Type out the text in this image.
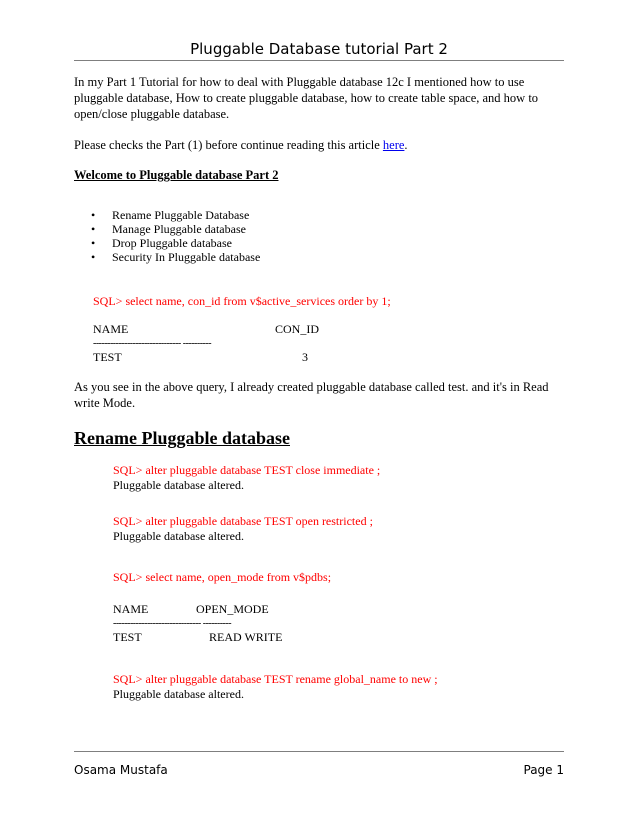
Pluggable Database tutorial Part 2

In my Part 1 Tutorial for how to deal with Pluggable database 12c I mentioned how to use pluggable database, How to create pluggable database, how to create table space, and how to open/close pluggable database.

Please checks the Part (1) before continue reading this article here.

Welcome to Pluggable database Part 2
• Rename Pluggable Database
• Manage Pluggable database
• Drop Pluggable database
• Security In Pluggable database
SQL> select name, con_id from v$active_services order by 1;
NAME	CON_ID
------------------------------- ----------
TEST	3

As you see in the above query, I already created pluggable database called test. and it's in Read write Mode.

Rename Pluggable database
SQL> alter pluggable database TEST close immediate ;
Pluggable database altered.
SQL> alter pluggable database TEST open restricted ;
Pluggable database altered.
SQL> select name, open_mode from v$pdbs;
NAME	OPEN_MODE
------------------------------- ----------
TEST	READ WRITE
SQL> alter pluggable database TEST rename global_name to new ;
Pluggable database altered.
Osama Mustafa	Page 1
